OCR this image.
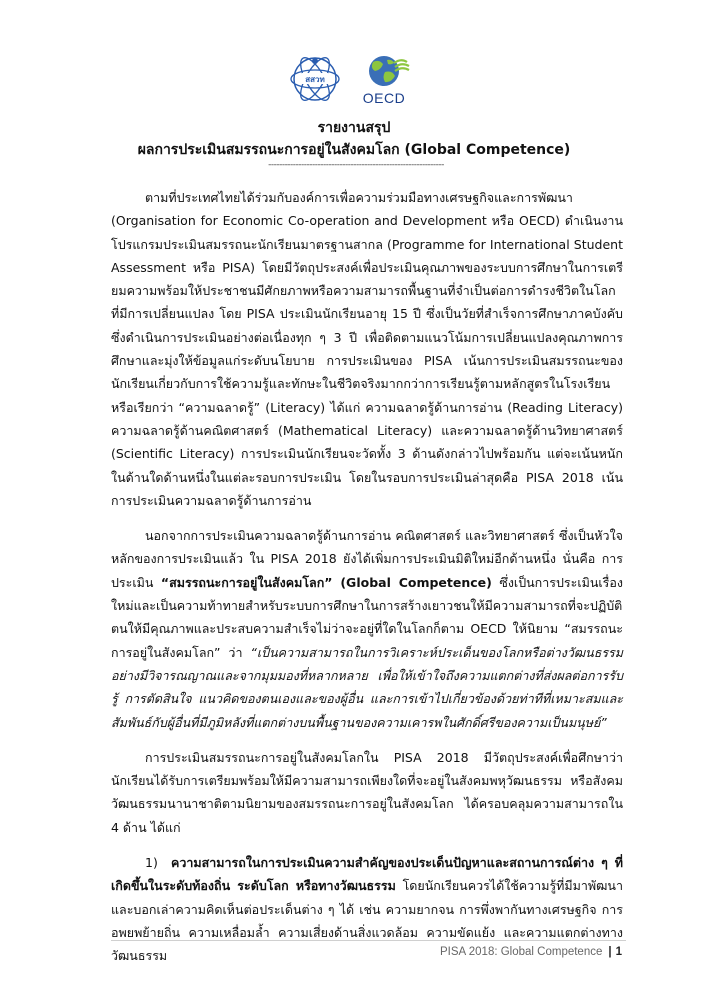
สสวท
OECD
รายงานสรุป
ผลการประเมินสมรรถนะการอยู่ในสังคมโลก (Global Competence)
----------------------------------------------------------------

ตามที่ประเทศไทยได้ร่วมกับองค์การเพื่อความร่วมมือทางเศรษฐกิจและการพัฒนา (Organisation for Economic Co-operation and Development หรือ OECD) ดำเนินงานโปรแกรมประเมินสมรรถนะนักเรียนมาตรฐานสากล (Programme for International Student Assessment หรือ PISA) โดยมีวัตถุประสงค์เพื่อประเมินคุณภาพของระบบการศึกษาในการเตรียมความพร้อมให้ประชาชนมีศักยภาพหรือความสามารถพื้นฐานที่จำเป็นต่อการดำรงชีวิตในโลกที่มีการเปลี่ยนแปลง โดย PISA ประเมินนักเรียนอายุ 15 ปี ซึ่งเป็นวัยที่สำเร็จการศึกษาภาคบังคับ ซึ่งดำเนินการประเมินอย่างต่อเนื่องทุก ๆ 3 ปี เพื่อติดตามแนวโน้มการเปลี่ยนแปลงคุณภาพการศึกษาและมุ่งให้ข้อมูลแก่ระดับนโยบาย การประเมินของ PISA เน้นการประเมินสมรรถนะของนักเรียนเกี่ยวกับการใช้ความรู้และทักษะในชีวิตจริงมากกว่าการเรียนรู้ตามหลักสูตรในโรงเรียน หรือเรียกว่า “ความฉลาดรู้” (Literacy) ได้แก่ ความฉลาดรู้ด้านการอ่าน (Reading Literacy) ความฉลาดรู้ด้านคณิตศาสตร์ (Mathematical Literacy) และความฉลาดรู้ด้านวิทยาศาสตร์ (Scientific Literacy) การประเมินนักเรียนจะวัดทั้ง 3 ด้านดังกล่าวไปพร้อมกัน แต่จะเน้นหนักในด้านใดด้านหนึ่งในแต่ละรอบการประเมิน โดยในรอบการประเมินล่าสุดคือ PISA 2018 เน้นการประเมินความฉลาดรู้ด้านการอ่าน

นอกจากการประเมินความฉลาดรู้ด้านการอ่าน คณิตศาสตร์ และวิทยาศาสตร์ ซึ่งเป็นหัวใจหลักของการประเมินแล้ว ใน PISA 2018 ยังได้เพิ่มการประเมินมิติใหม่อีกด้านหนึ่ง นั่นคือ การประเมิน “สมรรถนะการอยู่ในสังคมโลก” (Global Competence) ซึ่งเป็นการประเมินเรื่องใหม่และเป็นความท้าทายสำหรับระบบการศึกษาในการสร้างเยาวชนให้มีความสามารถที่จะปฏิบัติตนให้มีคุณภาพและประสบความสำเร็จไม่ว่าจะอยู่ที่ใดในโลกก็ตาม OECD ให้นิยาม “สมรรถนะการอยู่ในสังคมโลก” ว่า “เป็นความสามารถในการวิเคราะห์ประเด็นของโลกหรือต่างวัฒนธรรมอย่างมีวิจารณญาณและจากมุมมองที่หลากหลาย เพื่อให้เข้าใจถึงความแตกต่างที่ส่งผลต่อการรับรู้ การตัดสินใจ แนวคิดของตนเองและของผู้อื่น และการเข้าไปเกี่ยวข้องด้วยท่าทีที่เหมาะสมและสัมพันธ์กับผู้อื่นที่มีภูมิหลังที่แตกต่างบนพื้นฐานของความเคารพในศักดิ์ศรีของความเป็นมนุษย์”

การประเมินสมรรถนะการอยู่ในสังคมโลกใน PISA 2018 มีวัตถุประสงค์เพื่อศึกษาว่านักเรียนได้รับการเตรียมพร้อมให้มีความสามารถเพียงใดที่จะอยู่ในสังคมพหุวัฒนธรรม หรือสังคมวัฒนธรรมนานาชาติตามนิยามของสมรรถนะการอยู่ในสังคมโลก ได้ครอบคลุมความสามารถใน 4 ด้าน ได้แก่

1) ความสามารถในการประเมินความสำคัญของประเด็นปัญหาและสถานการณ์ต่าง ๆ ที่เกิดขึ้นในระดับท้องถิ่น ระดับโลก หรือทางวัฒนธรรม โดยนักเรียนควรได้ใช้ความรู้ที่มีมาพัฒนาและบอกเล่าความคิดเห็นต่อประเด็นต่าง ๆ ได้ เช่น ความยากจน การพึ่งพากันทางเศรษฐกิจ การอพยพย้ายถิ่น ความเหลื่อมล้ำ ความเสี่ยงด้านสิ่งแวดล้อม ความขัดแย้ง และความแตกต่างทางวัฒนธรรม	PISA 2018: Global Competence | 1
